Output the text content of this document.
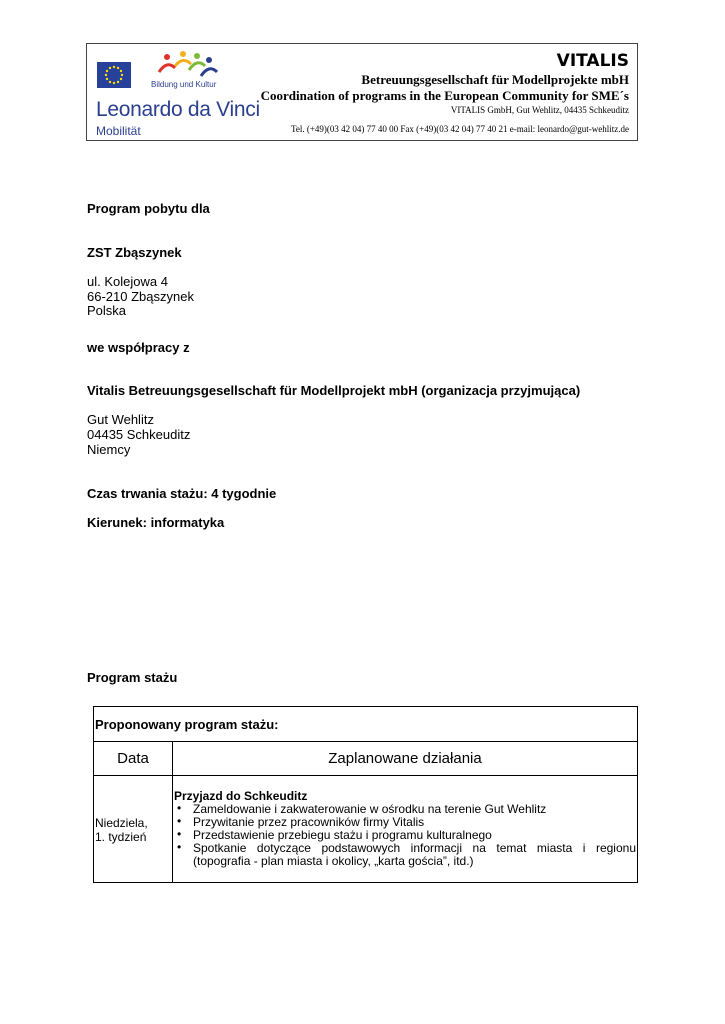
Bildung und Kultur
Leonardo da Vinci
Mobilität
VITALIS
Betreuungsgesellschaft für Modellprojekte mbH
Coordination of programs in the European Community for SME´s
VITALIS GmbH, Gut Wehlitz, 04435 Schkeuditz
Tel. (+49)(03 42 04) 77 40 00 Fax (+49)(03 42 04) 77 40 21 e-mail: leonardo@gut-wehlitz.de
Program pobytu dla
ZST Zbąszynek
ul. Kolejowa 4
66-210 Zbąszynek
Polska
we współpracy z
Vitalis Betreuungsgesellschaft für Modellprojekt mbH (organizacja przyjmująca)
Gut Wehlitz
04435 Schkeuditz
Niemcy
Czas trwania stażu: 4 tygodnie
Kierunek: informatyka
Program stażu
Proponowany program stażu:
Data	Zaplanowane działania
Niedziela,
1. tydzień
Przyjazd do Schkeuditz
• Zameldowanie i zakwaterowanie w ośrodku na terenie Gut Wehlitz
• Przywitanie przez pracowników firmy Vitalis
• Przedstawienie przebiegu stażu i programu kulturalnego
• Spotkanie dotyczące podstawowych informacji na temat miasta i regionu (topografia - plan miasta i okolicy, „karta gościa”, itd.)
